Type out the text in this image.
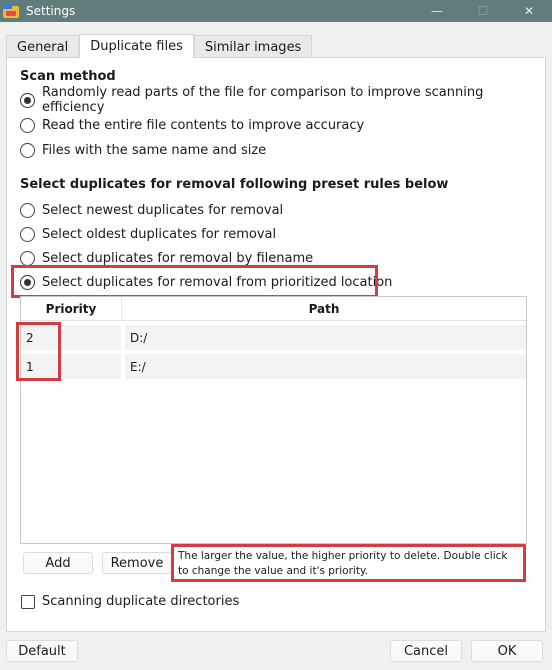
Settings	—	☐	✕
General	Duplicate files	Similar images
Scan method
Randomly read parts of the file for comparison to improve scanning efficiency
Read the entire file contents to improve accuracy
Files with the same name and size
Select duplicates for removal following preset rules below
Select newest duplicates for removal
Select oldest duplicates for removal
Select duplicates for removal by filename
Select duplicates for removal from prioritized location
Priority	Path
2	D:/
1	E:/
Add	Remove	The larger the value, the higher priority to delete. Double click to change the value and it's priority.
Scanning duplicate directories
Default	Cancel	OK
